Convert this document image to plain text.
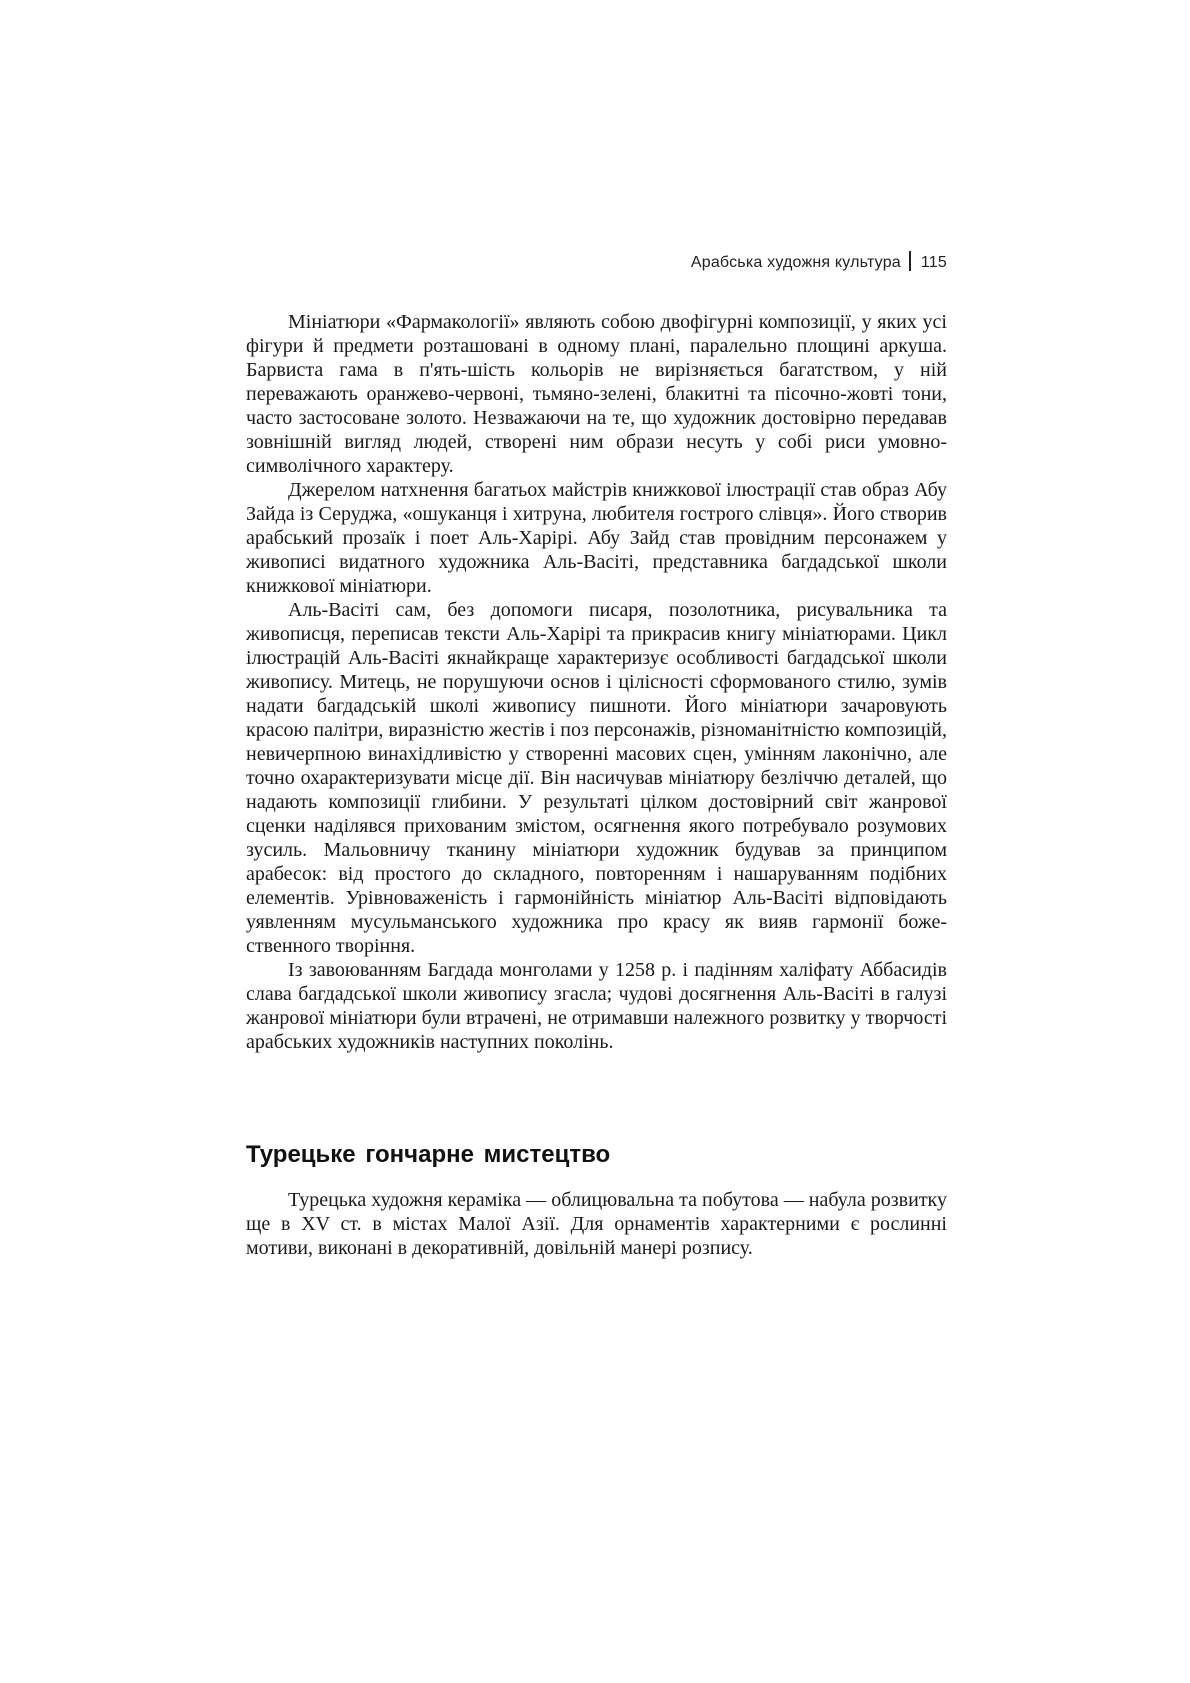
Арабська художня культура 115

Мініатюри «Фармакології» являють собою двофігурні композиції, у яких усі фігури й предмети розташовані в одному плані, паралельно площині аркуша. Барвиста гама в п'ять-шість кольорів не вирізняється багатством, у ній переважають оранжево-червоні, тьмяно-зелені, блакитні та пісочно-жовті тони, часто застосоване золото. Незважаючи на те, що художник достовірно передавав зовнішній вигляд людей, створені ним образи несуть у собі риси умовно-символічного характеру.

Джерелом натхнення багатьох майстрів книжкової ілюстрації став образ Абу Зайда із Серуджа, «ошуканця і хитруна, любителя гострого слівця». Його створив арабський прозаїк і поет Аль-Харірі. Абу Зайд став провідним персонажем у живописі видатного художника Аль-Васіті, представника багдадської школи книжкової мініатюри.

Аль-Васіті сам, без допомоги писаря, позолотника, рисувальника та живописця, переписав тексти Аль-Харірі та прикрасив книгу мініатюрами. Цикл ілюстрацій Аль-Васіті якнайкраще характеризує особливості багдадської школи живопису. Митець, не порушуючи основ і цілісності сформованого стилю, зумів надати багдадській школі живопису пишноти. Його мініатюри зачаровують красою палітри, виразністю жестів і поз персонажів, різноманітністю композицій, невичерпною винахідливістю у створенні масових сцен, умінням лаконічно, але точно охарактеризувати місце дії. Він насичував мініатюру безліччю деталей, що надають композиції глибини. У результаті цілком достовірний світ жанрової сценки наділявся прихованим змістом, осягнення якого потребувало розумових зусиль. Мальовничу тканину мініатюри художник будував за принципом арабесок: від простого до складного, повторенням і нашаруванням подібних елементів. Урівноваженість і гармонійність мініатюр Аль-Васіті відповідають уявленням мусульманського художника про красу як вияв гармонії божественного творіння.

Із завоюванням Багдада монголами у 1258 р. і падінням халіфату Аббасидів слава багдадської школи живопису згасла; чудові досягнення Аль-Васіті в галузі жанрової мініатюри були втрачені, не отримавши належного розвитку у творчості арабських художників наступних поколінь.

Турецьке гончарне мистецтво

Турецька художня кераміка — облицювальна та побутова — набула розвитку ще в XV ст. в містах Малої Азії. Для орнаментів характерними є рослинні мотиви, виконані в декоративній, довільній манері розпису.
